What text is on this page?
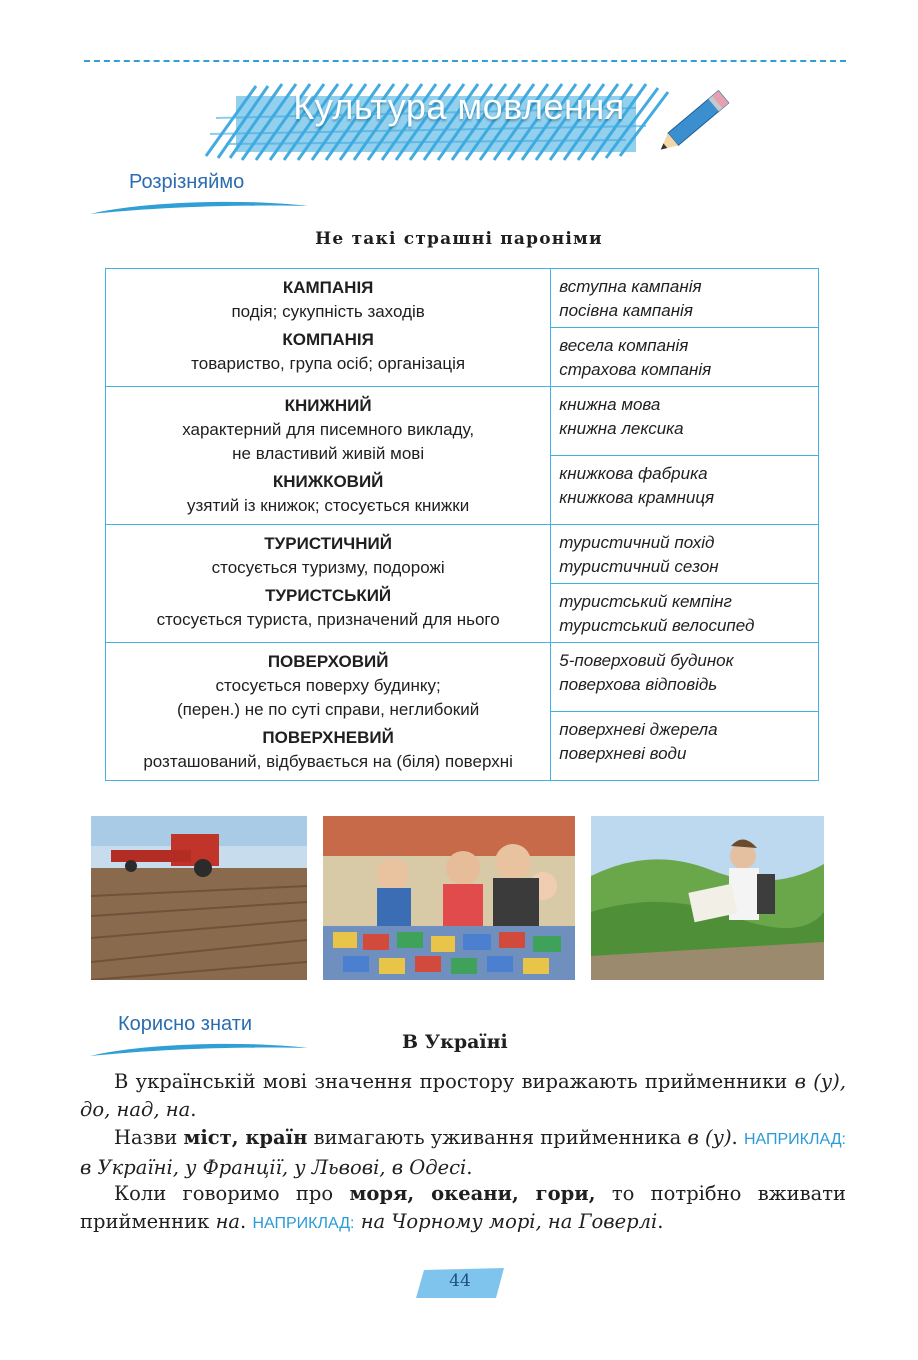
Культура мовлення
Розрізняймо
Не такі страшні пароніми
КАМПАНІЯ
подія; сукупність заходів
КОМПАНІЯ
товариство, група осіб; організація	вступна кампанія
посівна кампанія

	весела компанія
страхова компанія

КНИЖНИЙ
характерний для писемного викладу,
не властивий живій мові
КНИЖКОВИЙ
узятий із книжок; стосується книжки	книжна мова
книжна лексика

	книжкова фабрика
книжкова крамниця

ТУРИСТИЧНИЙ
стосується туризму, подорожі
ТУРИСТСЬКИЙ
стосується туриста, призначений для нього	туристичний похід
туристичний сезон

	туристський кемпінг
туристський велосипед

ПОВЕРХОВИЙ
стосується поверху будинку;
(перен.) не по суті справи, неглибокий
ПОВЕРХНЕВИЙ
розташований, відбувається на (біля) поверхні	5-поверховий будинок
поверхова відповідь

	поверхневі джерела
поверхневі води
Корисно знати
В Україні
В українській мові значення простору виражають прийменники в (у), до, над, на.
Назви міст, країн вимагають уживання прийменника в (у). НАПРИКЛАД: в Україні, у Франції, у Львові, в Одесі.
Коли говоримо про моря, океани, гори, то потрібно вживати прийменник на. НАПРИКЛАД: на Чорному морі, на Говерлі.
44
